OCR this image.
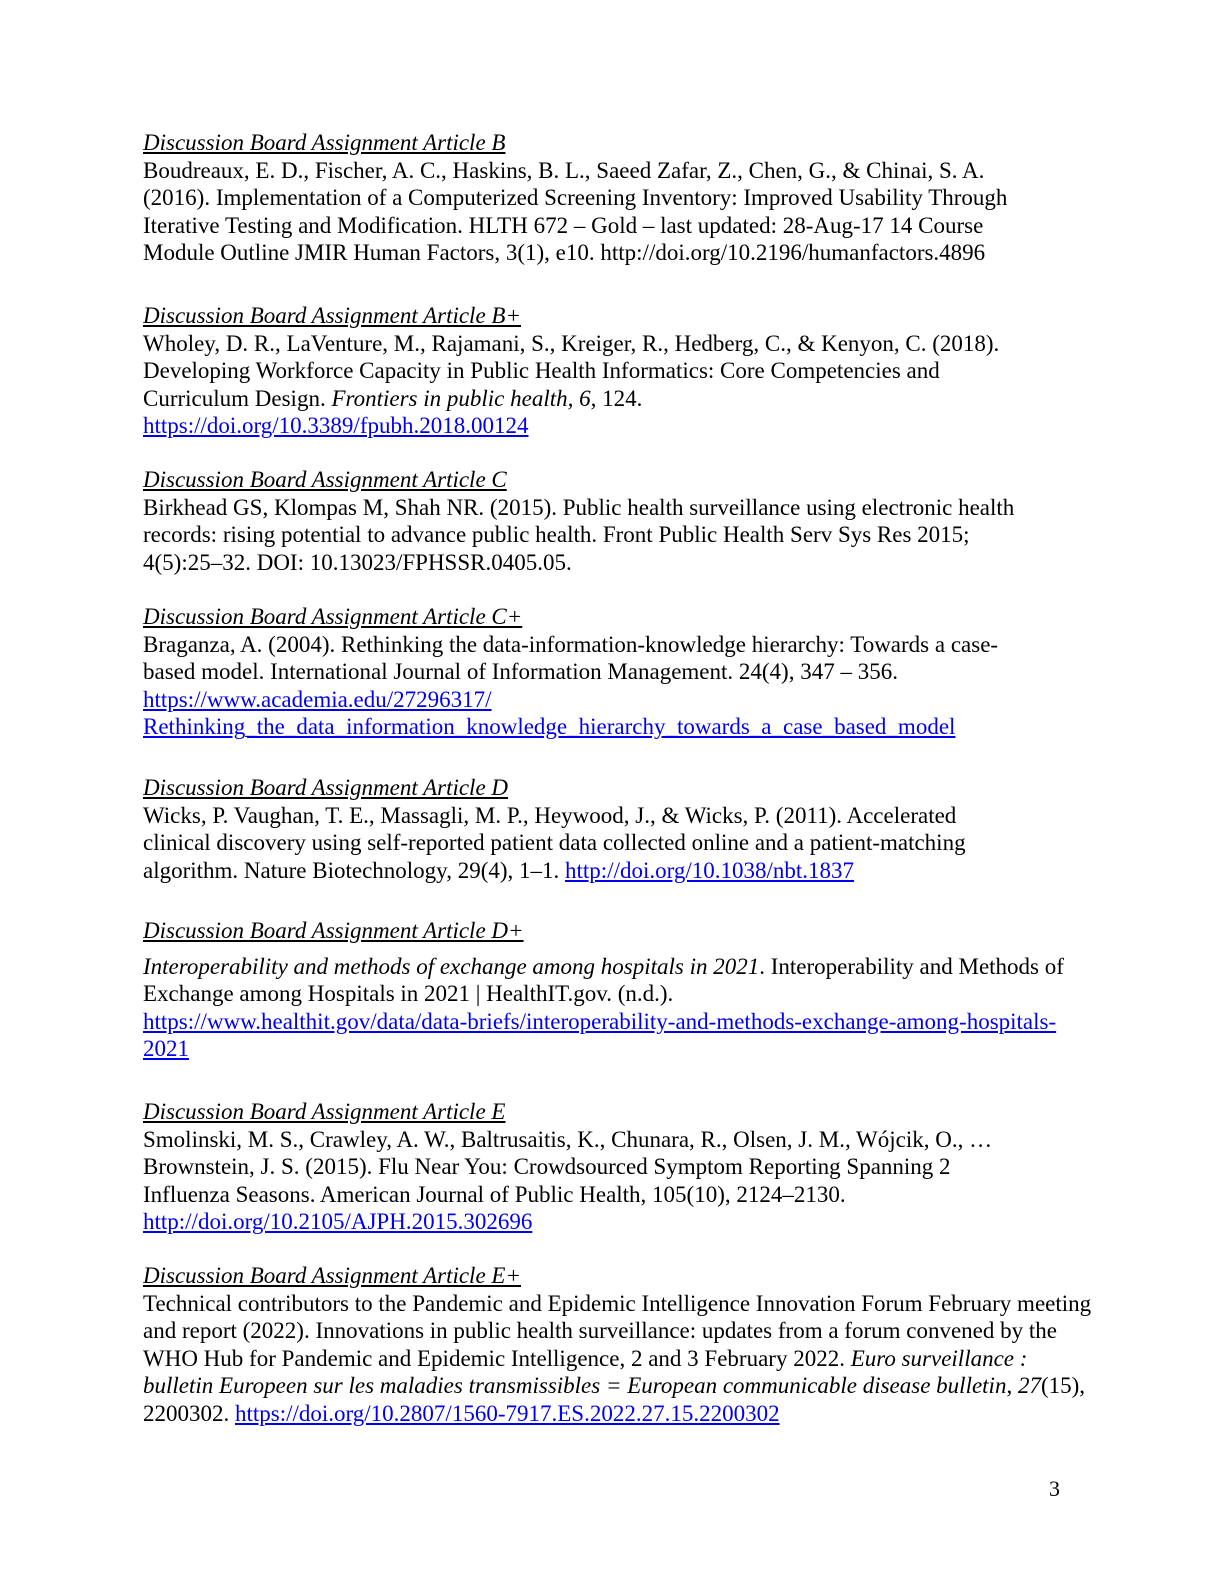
Discussion Board Assignment Article B

Boudreaux, E. D., Fischer, A. C., Haskins, B. L., Saeed Zafar, Z., Chen, G., & Chinai, S. A.

(2016). Implementation of a Computerized Screening Inventory: Improved Usability Through

Iterative Testing and Modification. HLTH 672 – Gold – last updated: 28-Aug-17 14 Course

Module Outline JMIR Human Factors, 3(1), e10. http://doi.org/10.2196/humanfactors.4896

Discussion Board Assignment Article B+

Wholey, D. R., LaVenture, M., Rajamani, S., Kreiger, R., Hedberg, C., & Kenyon, C. (2018).

Developing Workforce Capacity in Public Health Informatics: Core Competencies and

Curriculum Design. Frontiers in public health, 6, 124.

https://doi.org/10.3389/fpubh.2018.00124

Discussion Board Assignment Article C

Birkhead GS, Klompas M, Shah NR. (2015). Public health surveillance using electronic health

records: rising potential to advance public health. Front Public Health Serv Sys Res 2015;

4(5):25–32. DOI: 10.13023/FPHSSR.0405.05.

Discussion Board Assignment Article C+

Braganza, A. (2004). Rethinking the data-information-knowledge hierarchy: Towards a case-

based model. International Journal of Information Management. 24(4), 347 – 356.

https://www.academia.edu/27296317/

Rethinking_the_data_information_knowledge_hierarchy_towards_a_case_based_model

Discussion Board Assignment Article D

Wicks, P. Vaughan, T. E., Massagli, M. P., Heywood, J., & Wicks, P. (2011). Accelerated

clinical discovery using self-reported patient data collected online and a patient-matching

algorithm. Nature Biotechnology, 29(4), 1–1. http://doi.org/10.1038/nbt.1837

Discussion Board Assignment Article D+

Interoperability and methods of exchange among hospitals in 2021. Interoperability and Methods of

Exchange among Hospitals in 2021 | HealthIT.gov. (n.d.).

https://www.healthit.gov/data/data-briefs/interoperability-and-methods-exchange-among-hospitals-

2021

Discussion Board Assignment Article E

Smolinski, M. S., Crawley, A. W., Baltrusaitis, K., Chunara, R., Olsen, J. M., Wójcik, O., …

Brownstein, J. S. (2015). Flu Near You: Crowdsourced Symptom Reporting Spanning 2

Influenza Seasons. American Journal of Public Health, 105(10), 2124–2130.

http://doi.org/10.2105/AJPH.2015.302696

Discussion Board Assignment Article E+

Technical contributors to the Pandemic and Epidemic Intelligence Innovation Forum February meeting

and report (2022). Innovations in public health surveillance: updates from a forum convened by the

WHO Hub for Pandemic and Epidemic Intelligence, 2 and 3 February 2022. Euro surveillance :

bulletin Europeen sur les maladies transmissibles = European communicable disease bulletin, 27(15),

2200302. https://doi.org/10.2807/1560-7917.ES.2022.27.15.2200302

3
